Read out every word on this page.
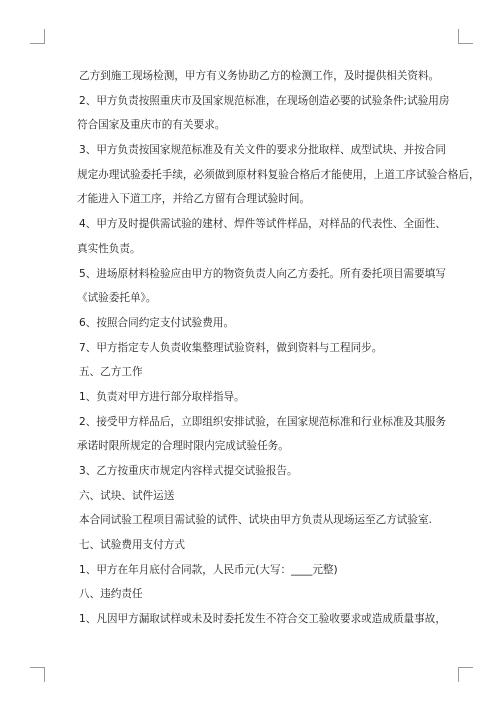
乙方到施工现场检测，甲方有义务协助乙方的检测工作，及时提供相关资料。
2、甲方负责按照重庆市及国家规范标准，在现场创造必要的试验条件;试验用房
符合国家及重庆市的有关要求。
3、甲方负责按国家规范标准及有关文件的要求分批取样、成型试块、并按合同
规定办理试验委托手续，必须做到原材料复验合格后才能使用，上道工序试验合格后，
才能进入下道工序，并给乙方留有合理试验时间。
4、甲方及时提供需试验的建材、焊件等试件样品，对样品的代表性、全面性、
真实性负责。
5、进场原材料检验应由甲方的物资负责人向乙方委托。所有委托项目需要填写
《试验委托单》。
6、按照合同约定支付试验费用。
7、甲方指定专人负责收集整理试验资料，做到资料与工程同步。
五、乙方工作
1、负责对甲方进行部分取样指导。
2、接受甲方样品后，立即组织安排试验，在国家规范标准和行业标准及其服务
承诺时限所规定的合理时限内完成试验任务。
3、乙方按重庆市规定内容样式提交试验报告。
六、试块、试件运送
本合同试验工程项目需试验的试件、试块由甲方负责从现场运至乙方试验室.
七、试验费用支付方式
1、甲方在年月底付合同款，人民币元(大写：____元整)
八、违约责任
1、凡因甲方漏取试样或未及时委托发生不符合交工验收要求或造成质量事故，
